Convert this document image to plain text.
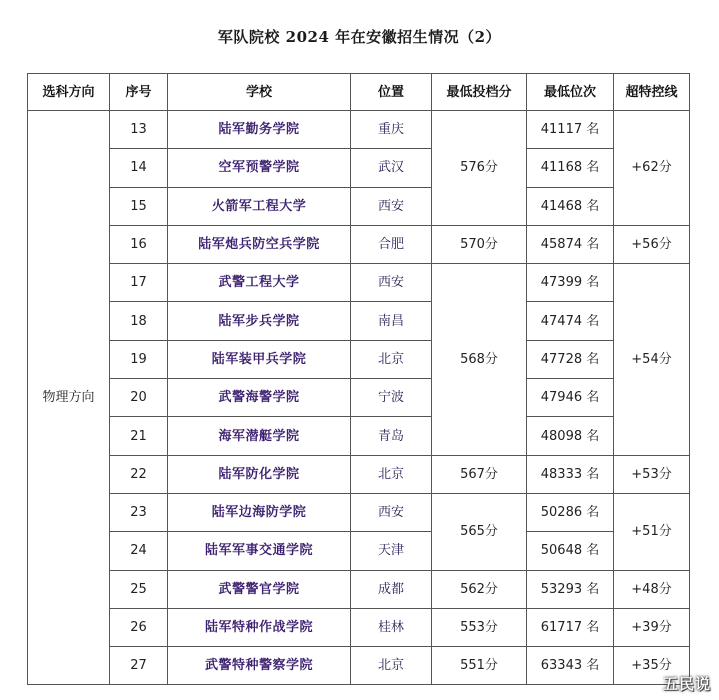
军队院校 2024 年在安徽招生情况（2）
选科方向	序号	学校	位置	最低投档分	最低位次	超特控线
物理方向	13	陆军勤务学院	重庆	576分	41117 名	+62分
	14	空军预警学院	武汉		41168 名	
	15	火箭军工程大学	西安		41468 名	
	16	陆军炮兵防空兵学院	合肥	570分	45874 名	+56分
	17	武警工程大学	西安	568分	47399 名	+54分
	18	陆军步兵学院	南昌		47474 名	
	19	陆军装甲兵学院	北京		47728 名	
	20	武警海警学院	宁波		47946 名	
	21	海军潜艇学院	青岛		48098 名	
	22	陆军防化学院	北京	567分	48333 名	+53分
	23	陆军边海防学院	西安	565分	50286 名	+51分
	24	陆军军事交通学院	天津		50648 名	
	25	武警警官学院	成都	562分	53293 名	+48分
	26	陆军特种作战学院	桂林	553分	61717 名	+39分
	27	武警特种警察学院	北京	551分	63343 名	+35分
五民说
